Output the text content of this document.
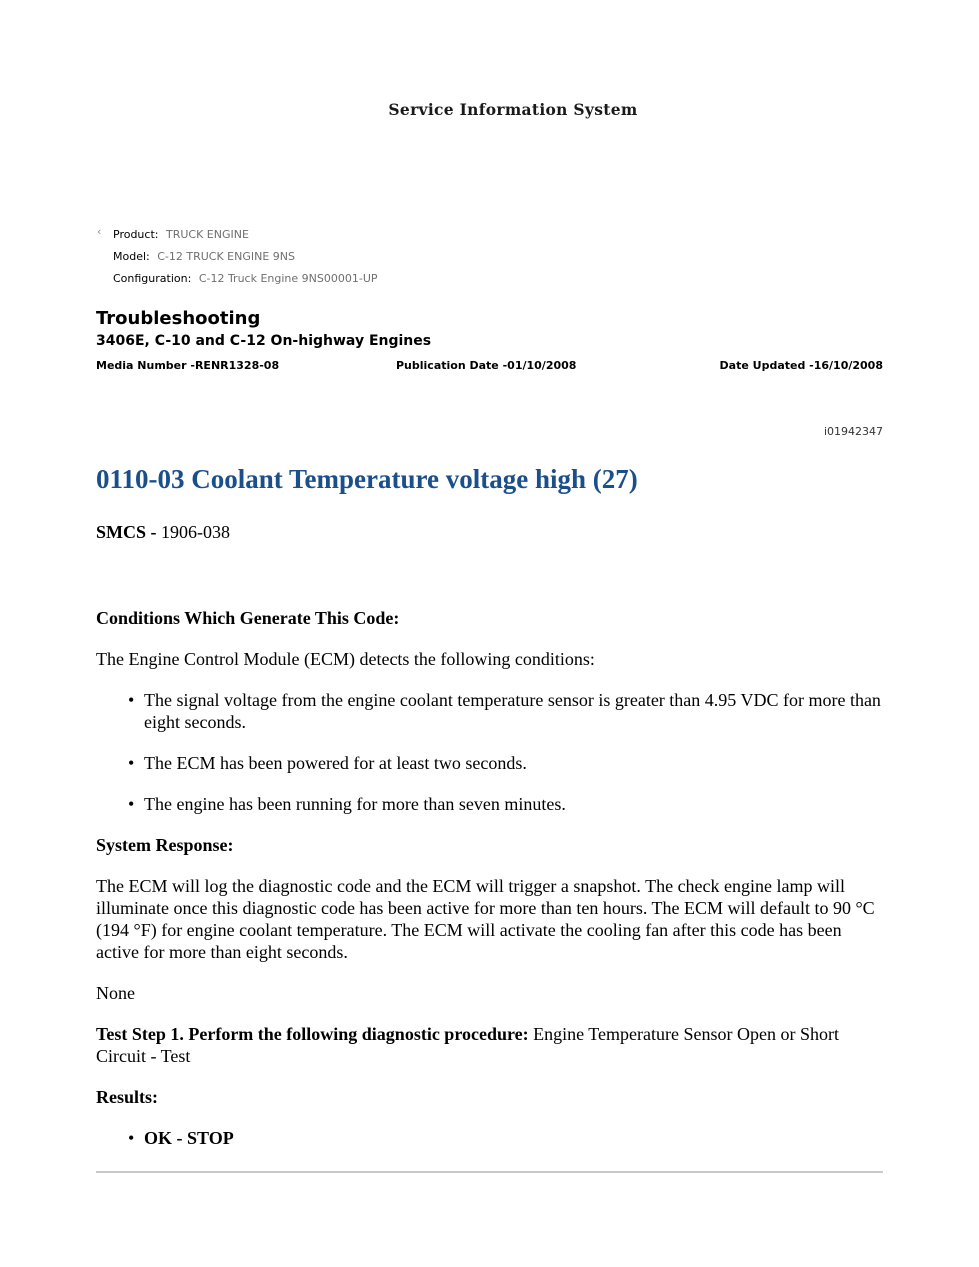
Service Information System
‹	Product: TRUCK ENGINE
Model: C-12 TRUCK ENGINE 9NS
Configuration: C-12 Truck Engine 9NS00001-UP
Troubleshooting
3406E, C-10 and C-12 On-highway Engines
Media Number -RENR1328-08	Publication Date -01/10/2008	Date Updated -16/10/2008
i01942347
0110-03 Coolant Temperature voltage high (27)
SMCS - 1906-038

Conditions Which Generate This Code:

The Engine Control Module (ECM) detects the following conditions:

• The signal voltage from the engine coolant temperature sensor is greater than 4.95 VDC for more than eight seconds.
• The ECM has been powered for at least two seconds.
• The engine has been running for more than seven minutes.

System Response:

The ECM will log the diagnostic code and the ECM will trigger a snapshot. The check engine lamp will illuminate once this diagnostic code has been active for more than ten hours. The ECM will default to 90 °C (194 °F) for engine coolant temperature. The ECM will activate the cooling fan after this code has been active for more than eight seconds.

None

Test Step 1. Perform the following diagnostic procedure: Engine Temperature Sensor Open or Short Circuit - Test

Results:

• OK - STOP
